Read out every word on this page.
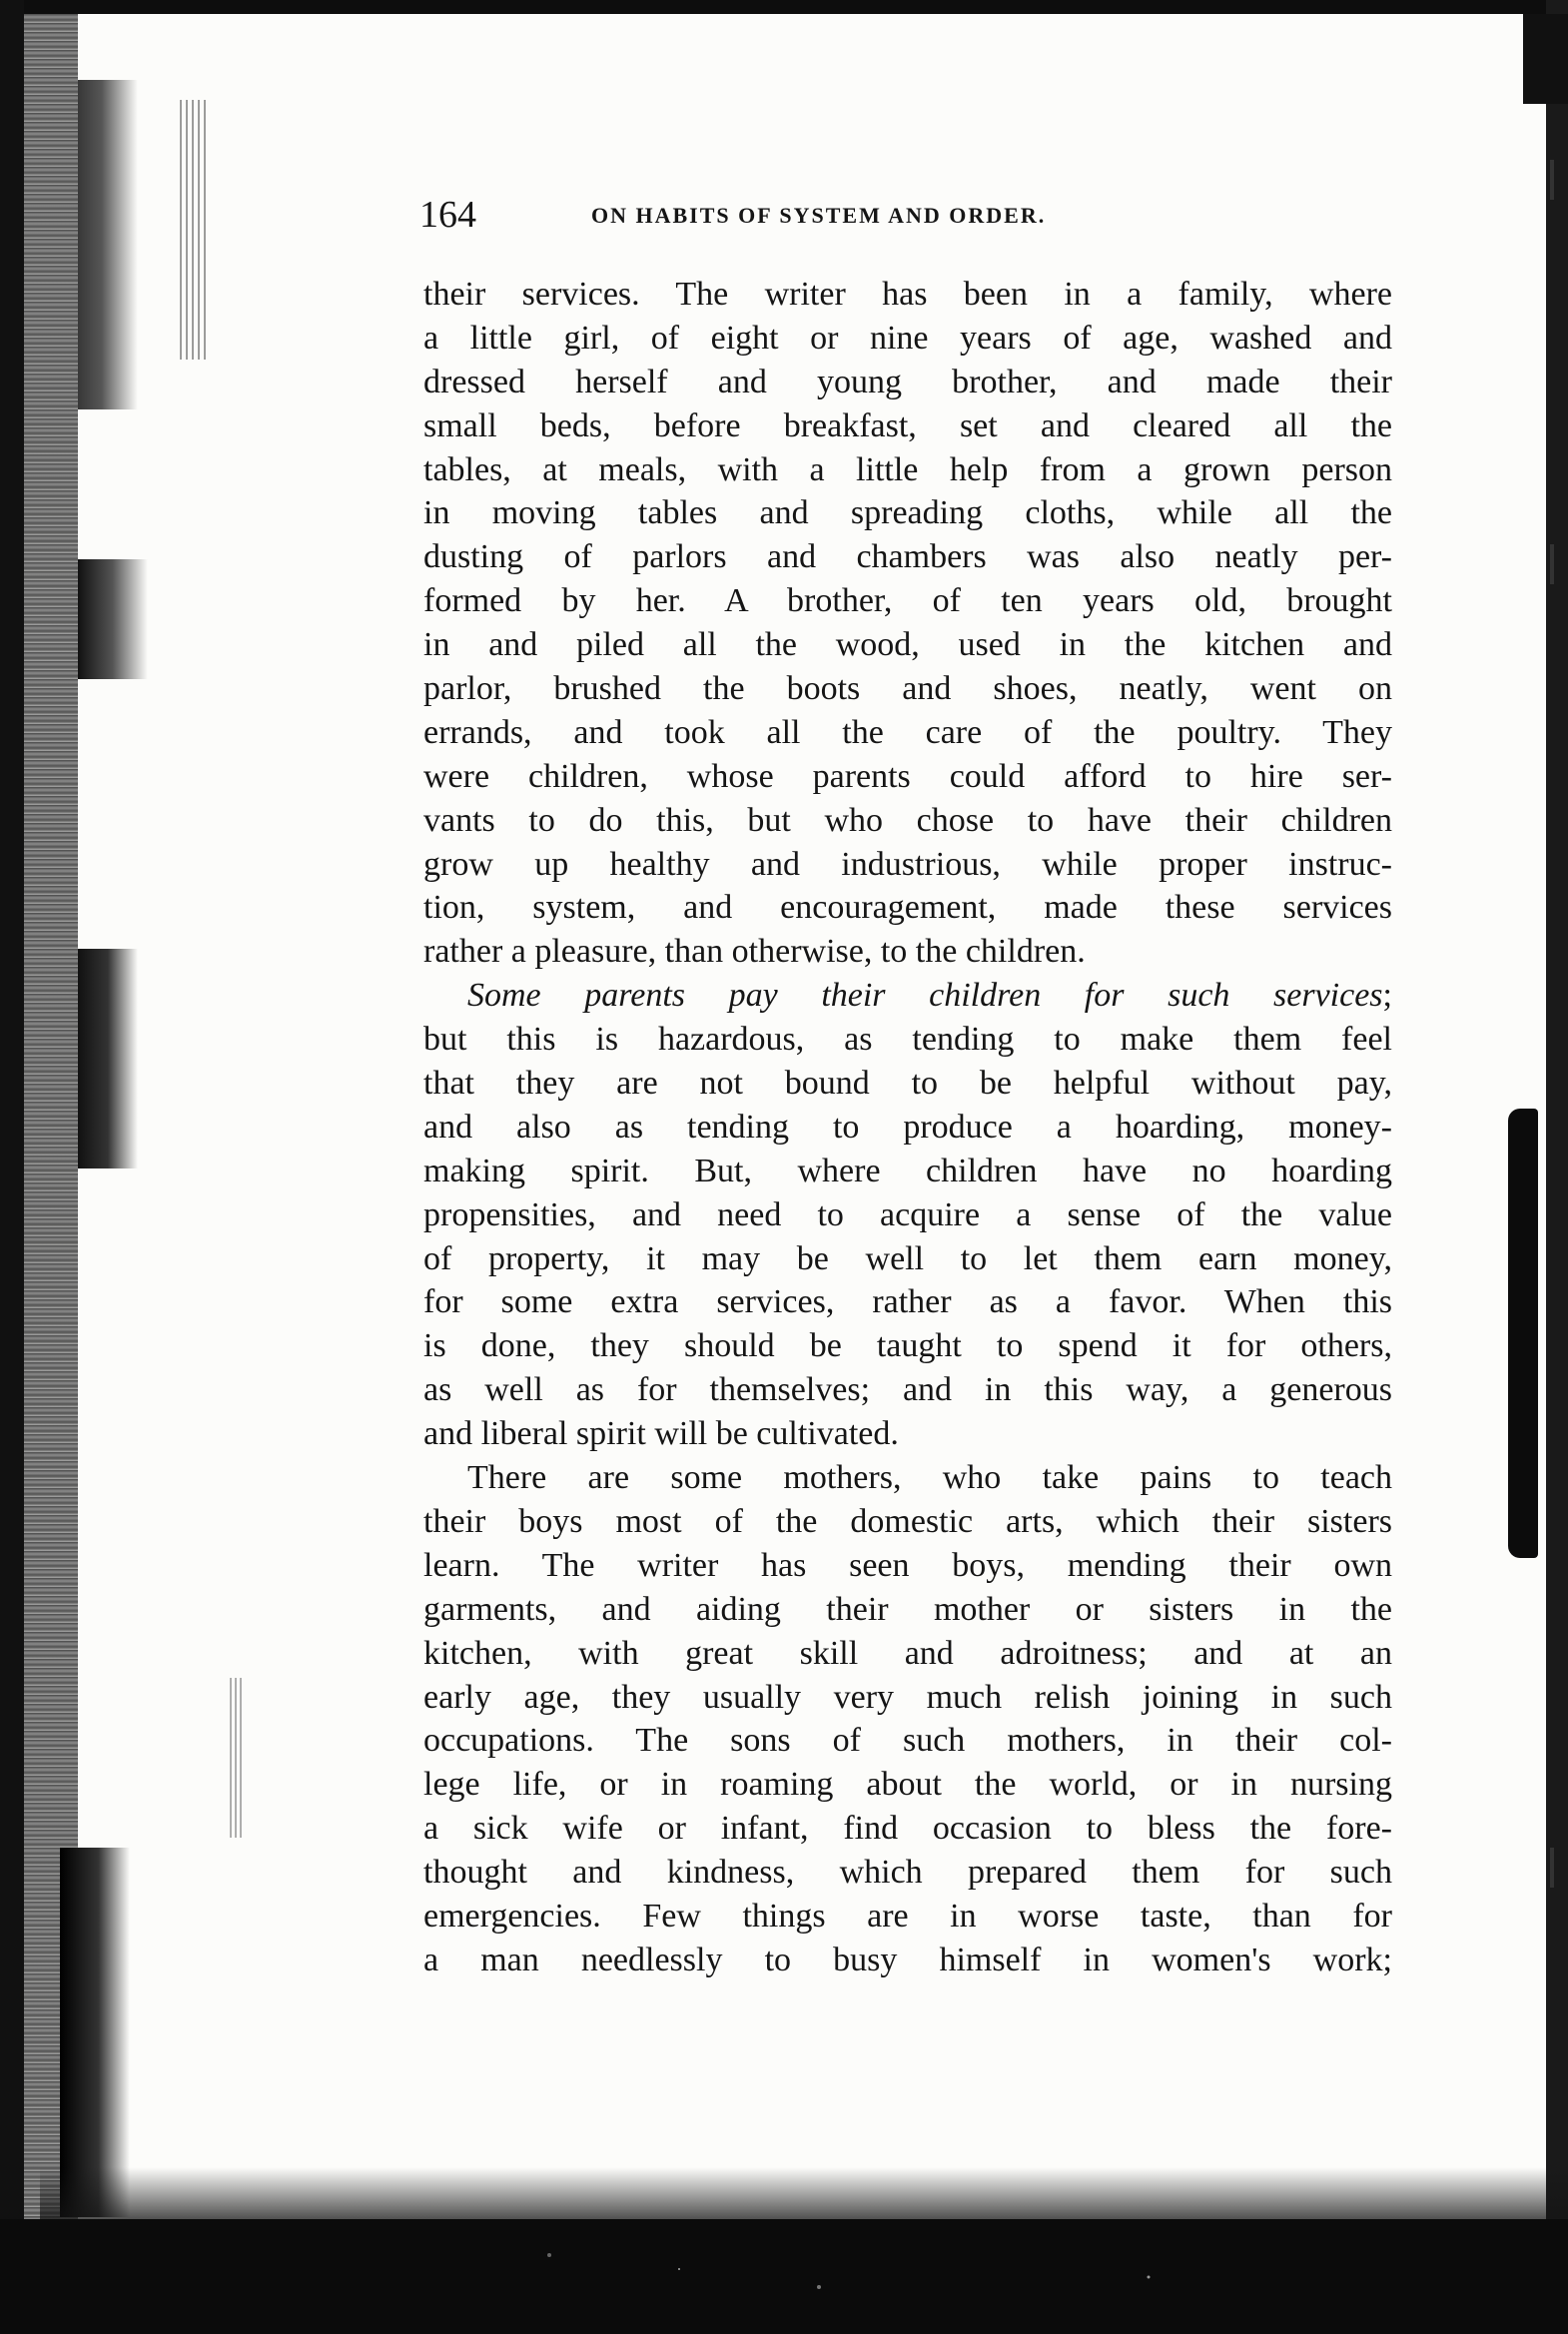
164	ON HABITS OF SYSTEM AND ORDER.
their services. The writer has been in a family, where
a little girl, of eight or nine years of age, washed and
dressed herself and young brother, and made their
small beds, before breakfast, set and cleared all the
tables, at meals, with a little help from a grown person
in moving tables and spreading cloths, while all the
dusting of parlors and chambers was also neatly per-
formed by her. A brother, of ten years old, brought
in and piled all the wood, used in the kitchen and
parlor, brushed the boots and shoes, neatly, went on
errands, and took all the care of the poultry. They
were children, whose parents could afford to hire ser-
vants to do this, but who chose to have their children
grow up healthy and industrious, while proper instruc-
tion, system, and encouragement, made these services
rather a pleasure, than otherwise, to the children.
Some parents pay their children for such services;
but this is hazardous, as tending to make them feel
that they are not bound to be helpful without pay,
and also as tending to produce a hoarding, money-
making spirit. But, where children have no hoarding
propensities, and need to acquire a sense of the value
of property, it may be well to let them earn money,
for some extra services, rather as a favor. When this
is done, they should be taught to spend it for others,
as well as for themselves; and in this way, a generous
and liberal spirit will be cultivated.
There are some mothers, who take pains to teach
their boys most of the domestic arts, which their sisters
learn. The writer has seen boys, mending their own
garments, and aiding their mother or sisters in the
kitchen, with great skill and adroitness; and at an
early age, they usually very much relish joining in such
occupations. The sons of such mothers, in their col-
lege life, or in roaming about the world, or in nursing
a sick wife or infant, find occasion to bless the fore-
thought and kindness, which prepared them for such
emergencies. Few things are in worse taste, than for
a man needlessly to busy himself in women's work;
